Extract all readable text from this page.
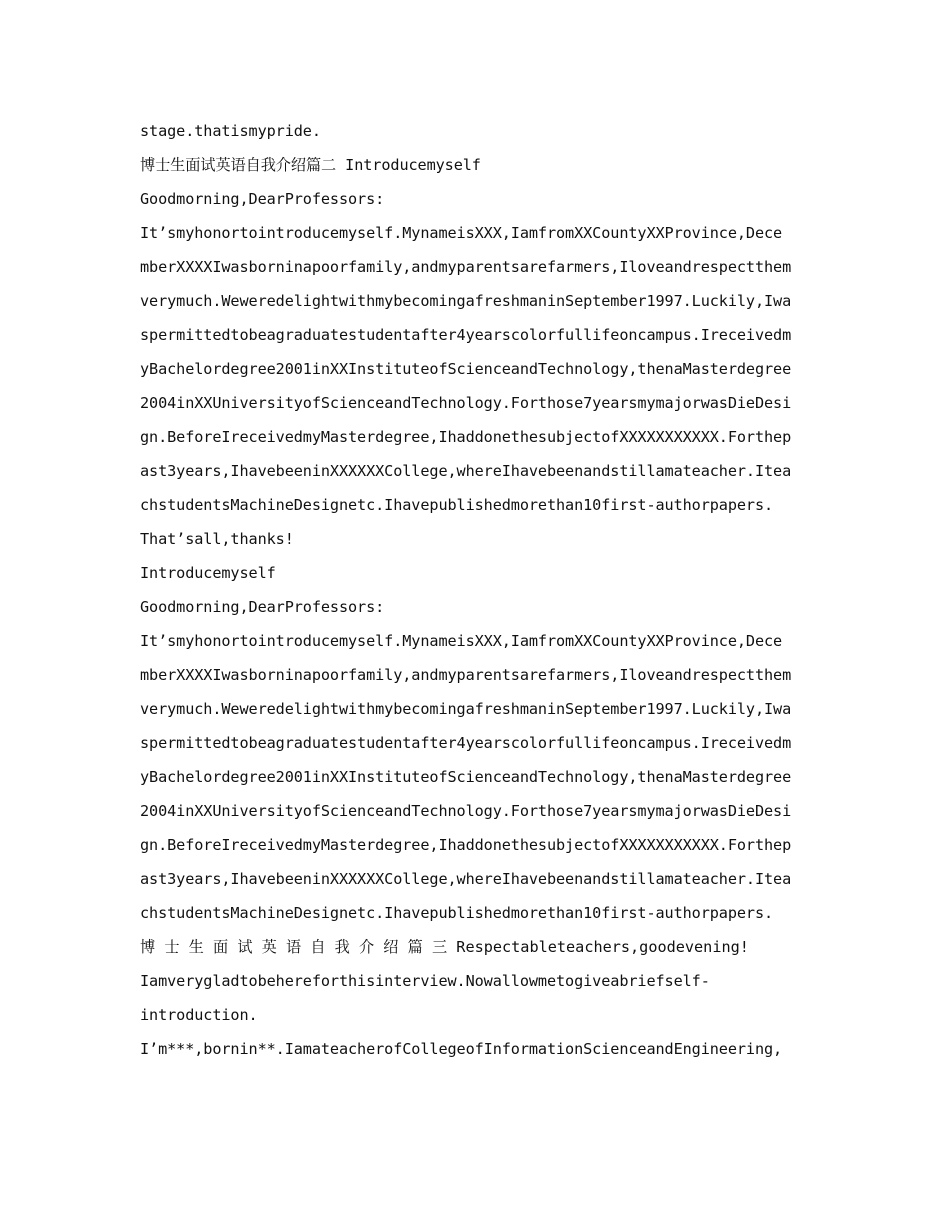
stage.thatismypride.
博士生面试英语自我介绍篇二 Introducemyself
Goodmorning,DearProfessors:
It’smyhonortointroducemyself.MynameisXXX,IamfromXXCountyXXProvince,Dece
mberXXXXIwasborninapoorfamily,andmyparentsarefarmers,Iloveandrespectthem
verymuch.WeweredelightwithmybecomingafreshmaninSeptember1997.Luckily,Iwa
spermittedtobeagraduatestudentafter4yearscolorfullifeoncampus.Ireceivedm
yBachelordegree2001inXXInstituteofScienceandTechnology,thenaMasterdegree
2004inXXUniversityofScienceandTechnology.Forthose7yearsmymajorwasDieDesi
gn.BeforeIreceivedmyMasterdegree,IhaddonethesubjectofXXXXXXXXXXX.Forthep
ast3years,IhavebeeninXXXXXXCollege,whereIhavebeenandstillamateacher.Itea
chstudentsMachineDesignetc.Ihavepublishedmorethan10first-authorpapers.
That’sall,thanks!
Introducemyself
Goodmorning,DearProfessors:
It’smyhonortointroducemyself.MynameisXXX,IamfromXXCountyXXProvince,Dece
mberXXXXIwasborninapoorfamily,andmyparentsarefarmers,Iloveandrespectthem
verymuch.WeweredelightwithmybecomingafreshmaninSeptember1997.Luckily,Iwa
spermittedtobeagraduatestudentafter4yearscolorfullifeoncampus.Ireceivedm
yBachelordegree2001inXXInstituteofScienceandTechnology,thenaMasterdegree
2004inXXUniversityofScienceandTechnology.Forthose7yearsmymajorwasDieDesi
gn.BeforeIreceivedmyMasterdegree,IhaddonethesubjectofXXXXXXXXXXX.Forthep
ast3years,IhavebeeninXXXXXXCollege,whereIhavebeenandstillamateacher.Itea
chstudentsMachineDesignetc.Ihavepublishedmorethan10first-authorpapers.
博 士 生 面 试 英 语 自 我 介 绍 篇 三 Respectableteachers,goodevening!
Iamverygladtobehereforthisinterview.Nowallowmetogiveabriefself-
introduction.
I’m***,bornin**.IamateacherofCollegeofInformationScienceandEngineering,
